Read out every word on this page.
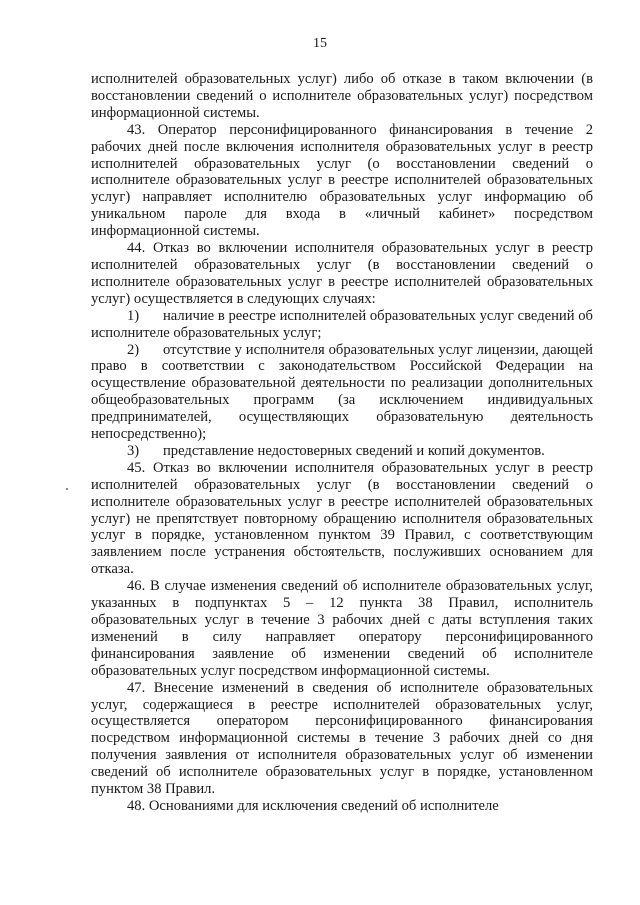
15

исполнителей образовательных услуг) либо об отказе в таком включении (в восстановлении сведений о исполнителе образовательных услуг) посредством информационной системы.

43. Оператор персонифицированного финансирования в течение 2 рабочих дней после включения исполнителя образовательных услуг в реестр исполнителей образовательных услуг (о восстановлении сведений о исполнителе образовательных услуг в реестре исполнителей образовательных услуг) направляет исполнителю образовательных услуг информацию об уникальном пароле для входа в «личный кабинет» посредством информационной системы.

44. Отказ во включении исполнителя образовательных услуг в реестр исполнителей образовательных услуг (в восстановлении сведений о исполнителе образовательных услуг в реестре исполнителей образовательных услуг) осуществляется в следующих случаях:

1) наличие в реестре исполнителей образовательных услуг сведений об исполнителе образовательных услуг;
2) отсутствие у исполнителя образовательных услуг лицензии, дающей право в соответствии с законодательством Российской Федерации на осуществление образовательной деятельности по реализации дополнительных общеобразовательных программ (за исключением индивидуальных предпринимателей, осуществляющих образовательную деятельность непосредственно);
3) представление недостоверных сведений и копий документов.

45. Отказ во включении исполнителя образовательных услуг в реестр исполнителей образовательных услуг (в восстановлении сведений о исполнителе образовательных услуг в реестре исполнителей образовательных услуг) не препятствует повторному обращению исполнителя образовательных услуг в порядке, установленном пунктом 39 Правил, с соответствующим заявлением после устранения обстоятельств, послуживших основанием для отказа.

46. В случае изменения сведений об исполнителе образовательных услуг, указанных в подпунктах 5 – 12 пункта 38 Правил, исполнитель образовательных услуг в течение 3 рабочих дней с даты вступления таких изменений в силу направляет оператору персонифицированного финансирования заявление об изменении сведений об исполнителе образовательных услуг посредством информационной системы.

47. Внесение изменений в сведения об исполнителе образовательных услуг, содержащиеся в реестре исполнителей образовательных услуг, осуществляется оператором персонифицированного финансирования посредством информационной системы в течение 3 рабочих дней со дня получения заявления от исполнителя образовательных услуг об изменении сведений об исполнителе образовательных услуг в порядке, установленном пунктом 38 Правил.

48. Основаниями для исключения сведений об исполнителе
